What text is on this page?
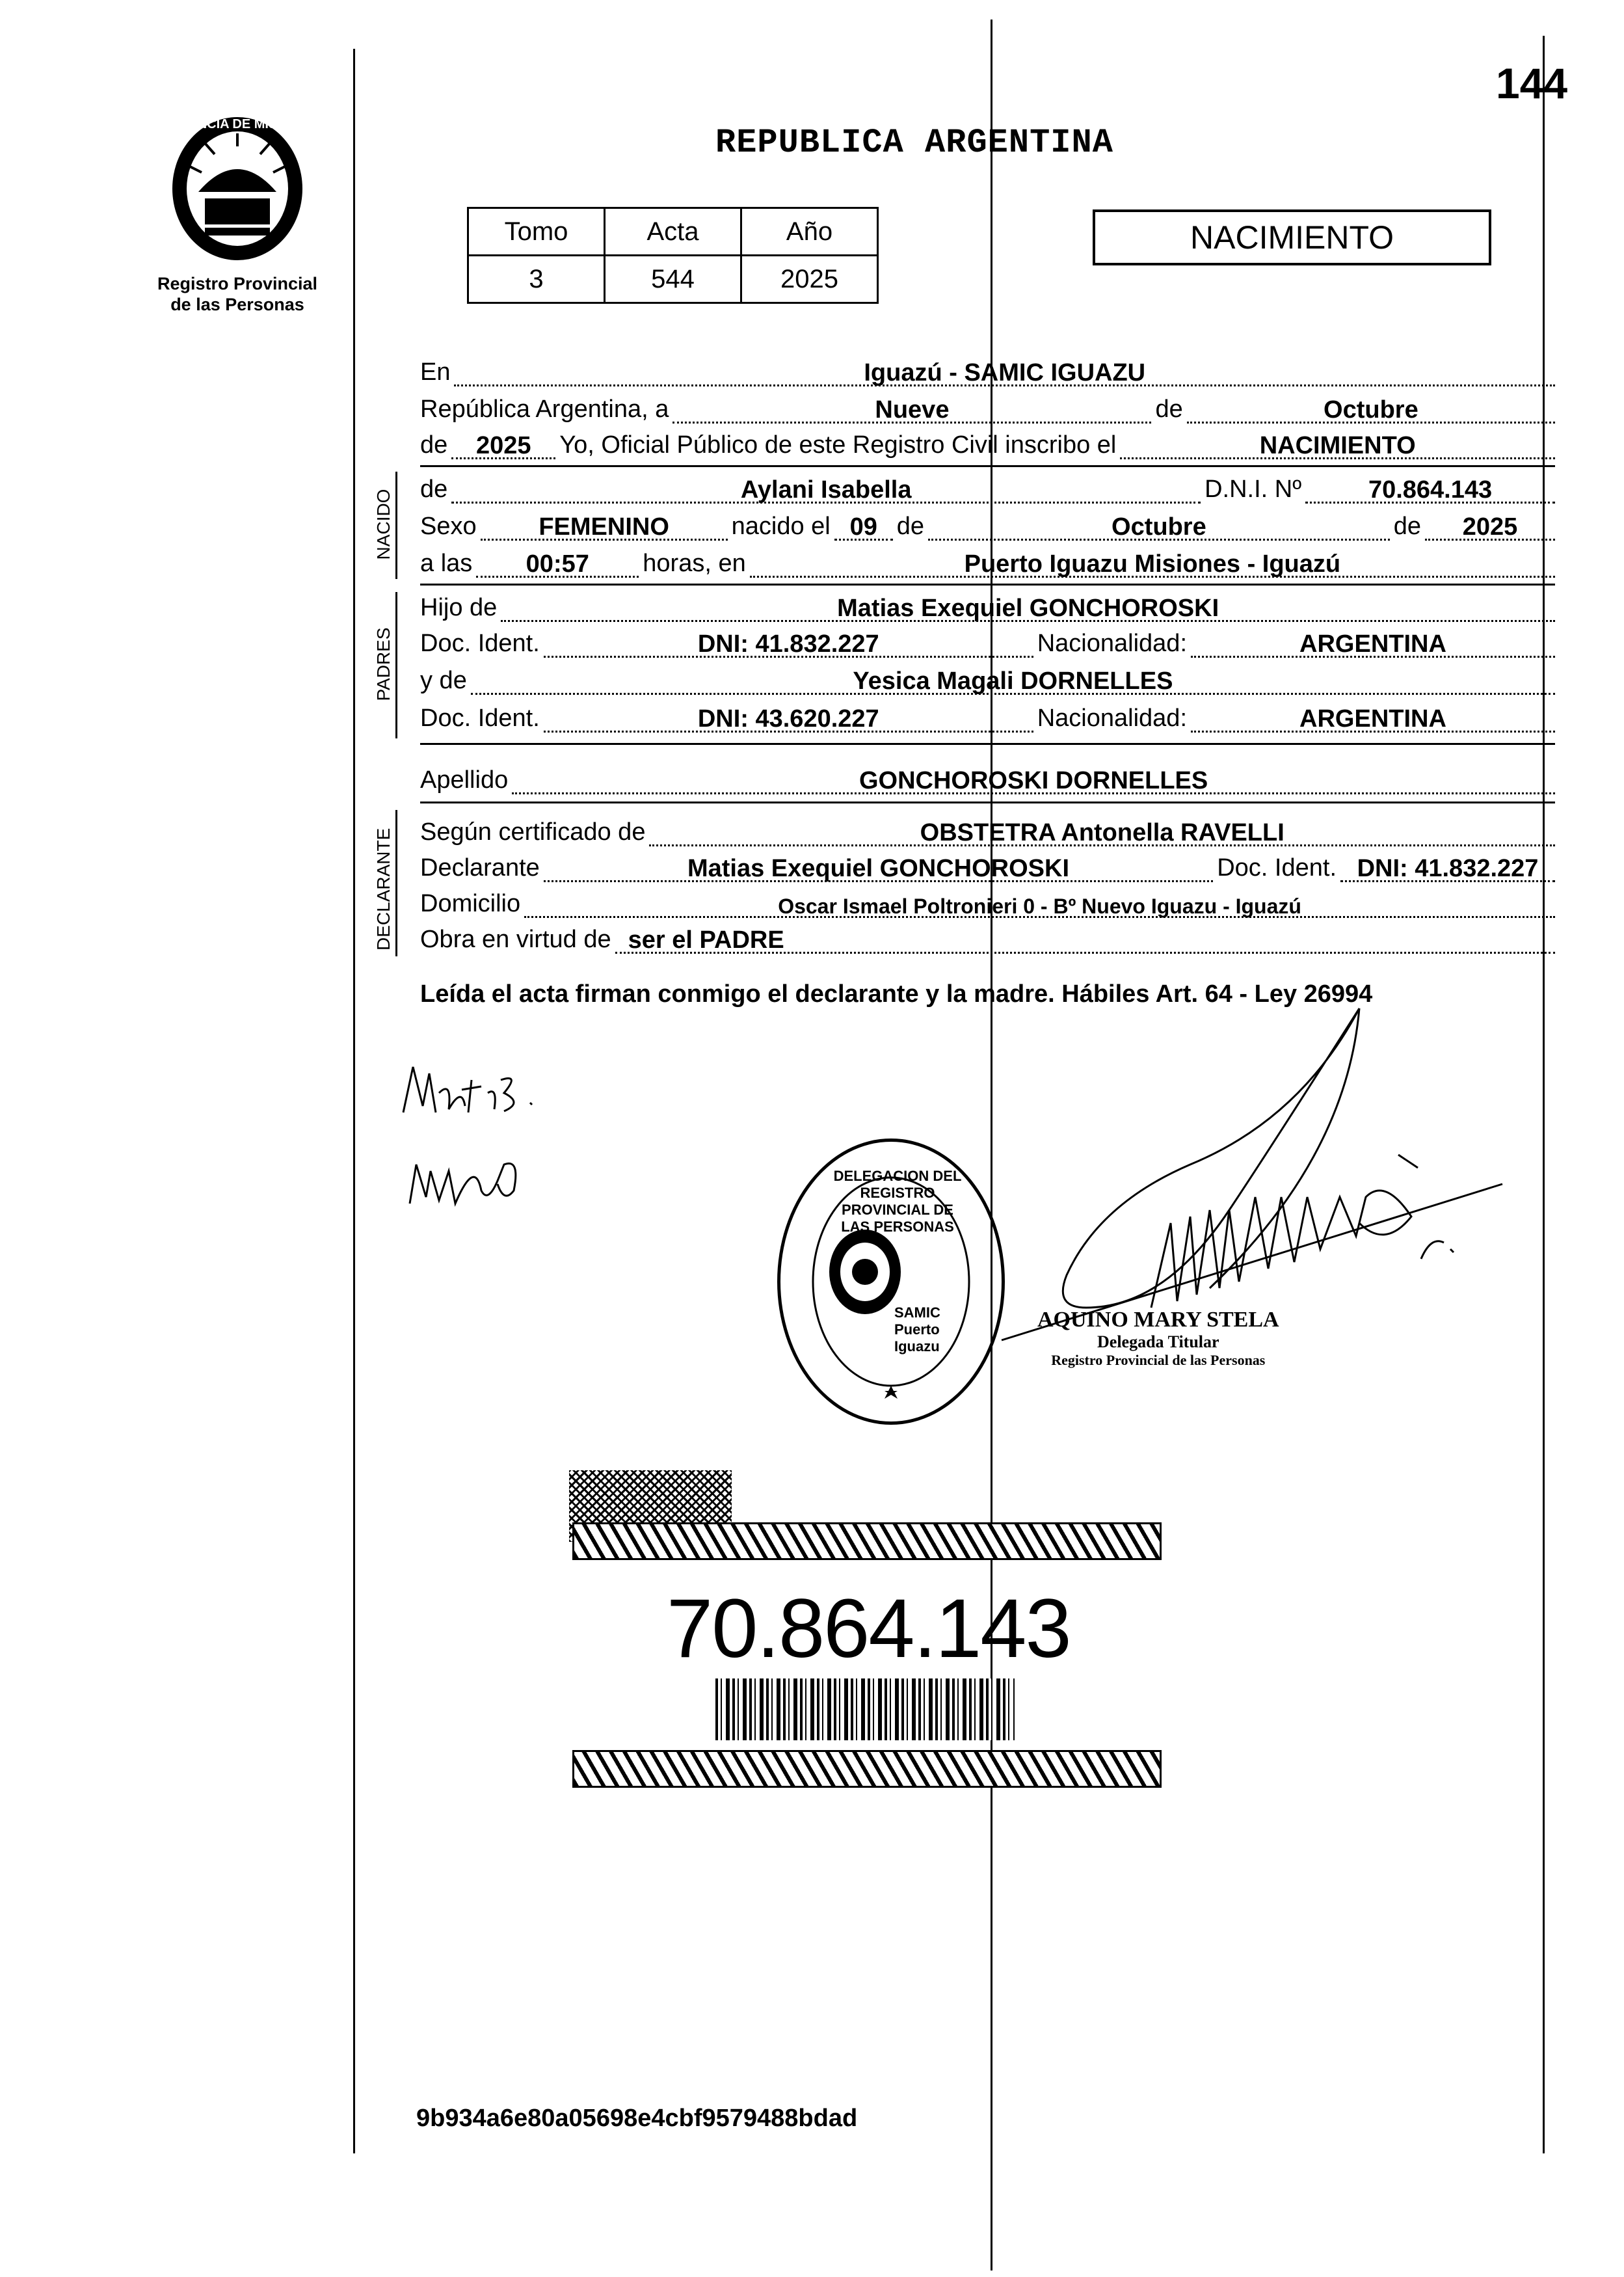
144
PROVINCIA DE MISIONES
Registro Provincial
de las Personas
REPUBLICA ARGENTINA
Tomo	Acta	Año
3	544	2025
NACIMIENTO
En	Iguazú - SAMIC IGUAZU
República Argentina, a	Nueve	de	Octubre
de	2025	Yo, Oficial Público de este Registro Civil inscribo el	NACIMIENTO
NACIDO de	Aylani Isabella	D.N.I. Nº	70.864.143
Sexo	FEMENINO	nacido el 09 de	Octubre	de	2025
a las	00:57	horas, en	Puerto Iguazu Misiones - Iguazú
PADRES
Hijo de	Matias Exequiel GONCHOROSKI
Doc. Ident.	DNI: 41.832.227	Nacionalidad:	ARGENTINA
y de	Yesica Magali DORNELLES
Doc. Ident.	DNI: 43.620.227	Nacionalidad:	ARGENTINA
Apellido	GONCHOROSKI DORNELLES
DECLARANTE Según certificado de	OBSTETRA Antonella RAVELLI
Declarante	Matias Exequiel GONCHOROSKI	Doc. Ident. DNI: 41.832.227
Domicilio	Oscar Ismael Poltronieri 0 - Bº Nuevo Iguazu - Iguazú
Obra en virtud de ser el PADRE
Leída el acta firman conmigo el declarante y la madre. Hábiles Art. 64 - Ley 26994
DELEGACION DEL REGISTRO PROVINCIAL DE LAS PERSONAS
SAMIC Puerto Iguazu
AQUINO MARY STELA
Delegada Titular
Registro Provincial de las Personas
70.864.143
9b934a6e80a05698e4cbf9579488bdad
